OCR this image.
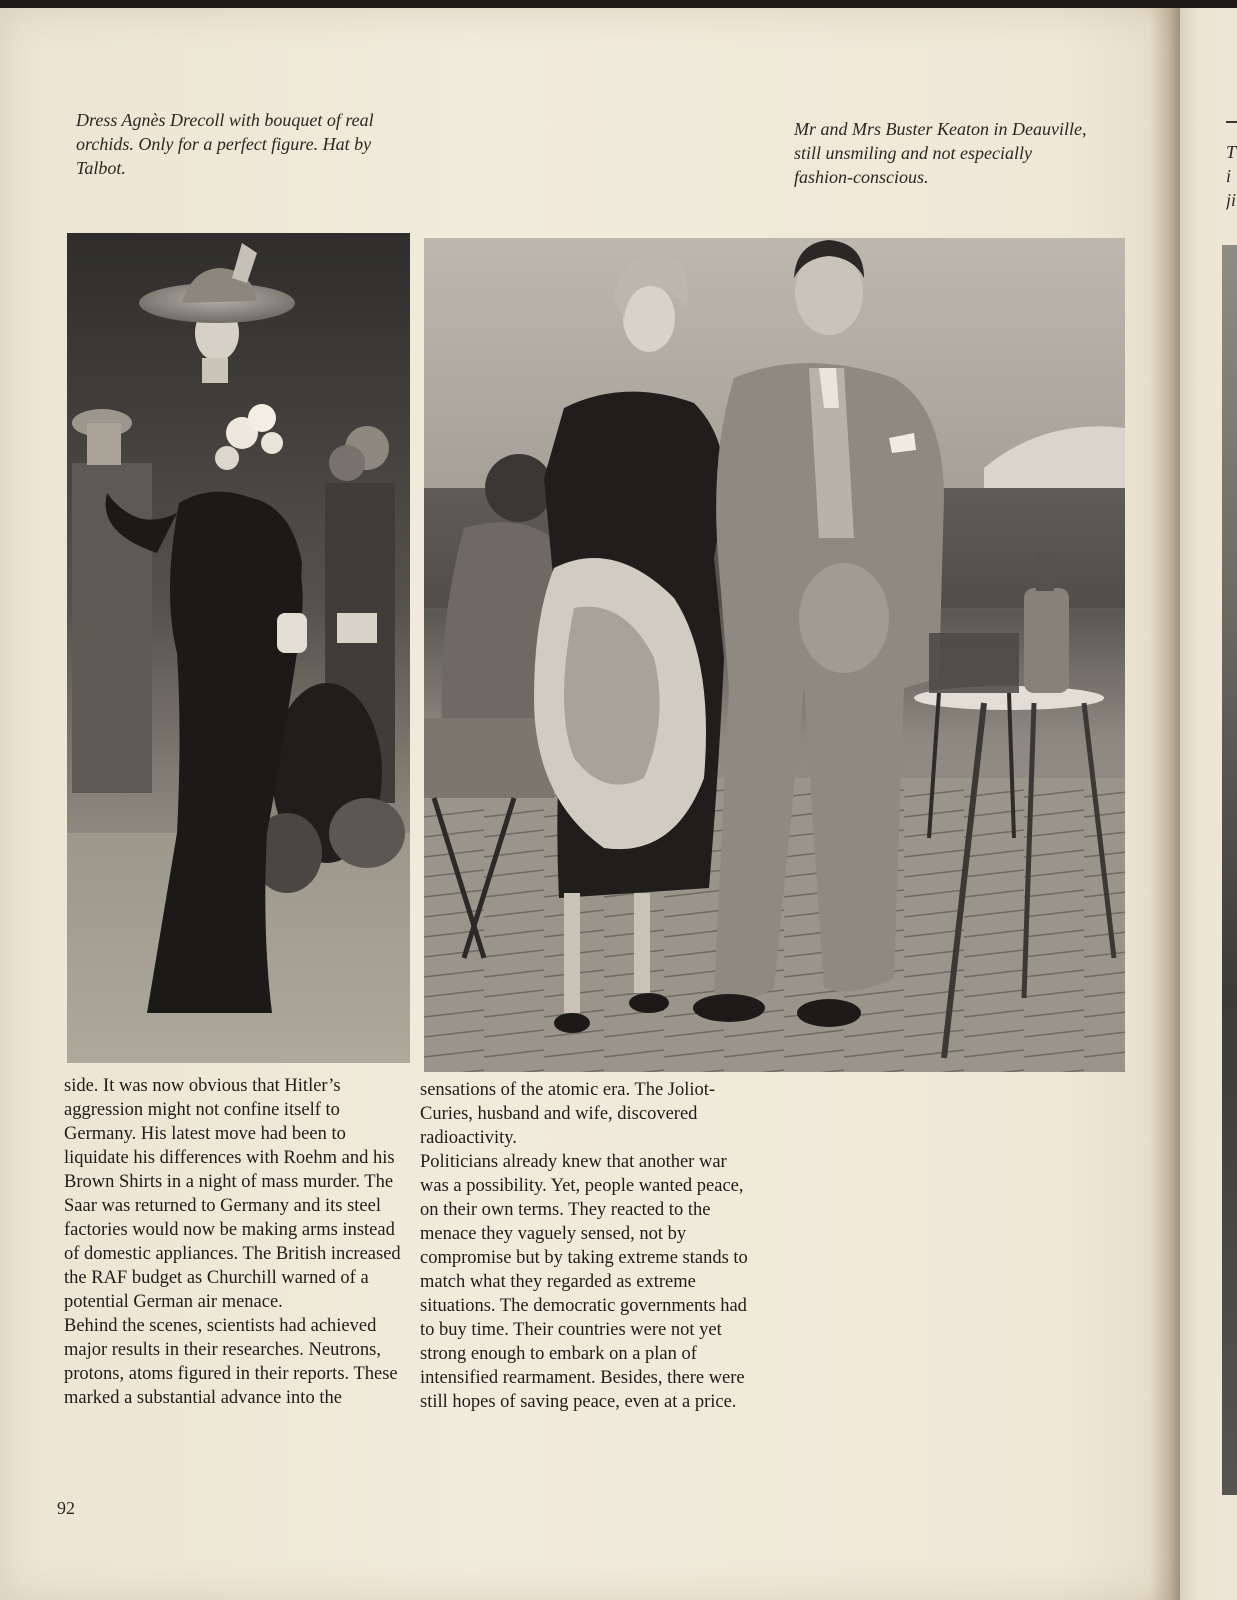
T
i
ji

Dress Agnès Drecoll with bouquet of real orchids. Only for a perfect figure. Hat by Talbot.

Mr and Mrs Buster Keaton in Deauville, still unsmiling and not especially fashion-conscious.

side. It was now obvious that Hitler’s aggression might not confine itself to Germany. His latest move had been to liquidate his differences with Roehm and his Brown Shirts in a night of mass murder. The Saar was returned to Germany and its steel factories would now be making arms instead of domestic appliances. The British increased the RAF budget as Churchill warned of a potential German air menace.

Behind the scenes, scientists had achieved major results in their researches. Neutrons, protons, atoms figured in their reports. These marked a substantial advance into the

sensations of the atomic era. The Joliot-Curies, husband and wife, discovered radioactivity.

Politicians already knew that another war was a possibility. Yet, people wanted peace, on their own terms. They reacted to the menace they vaguely sensed, not by compromise but by taking extreme stands to match what they regarded as extreme situations. The democratic governments had to buy time. Their countries were not yet strong enough to embark on a plan of intensified rearmament. Besides, there were still hopes of saving peace, even at a price.

92
